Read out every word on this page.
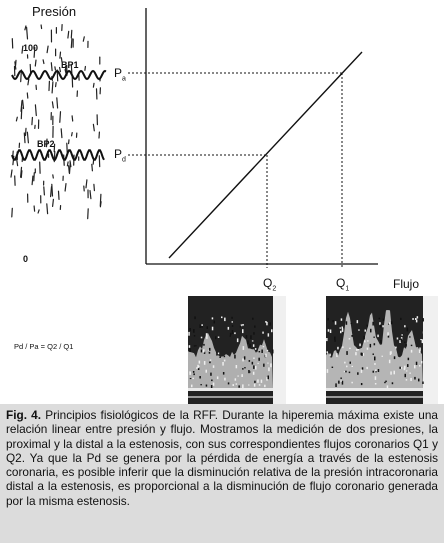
Presión
100
BP1
BP2
0
$P_a$
$P_d$
$Q_2$	$Q_1$	Flujo
Pd / Pa = Q2 / Q1
Fig. 4. Principios fisiológicos de la RFF. Durante la hiperemia máxima existe una relación linear entre presión y flujo. Mostramos la medición de dos presiones, la proximal y la distal a la estenosis, con sus correspondientes flujos coronarios Q1 y Q2. Ya que la Pd se genera por la pérdida de energía a través de la estenosis coronaria, es posible inferir que la disminución relativa de la presión intracoronaria distal a la estenosis, es proporcional a la disminución de flujo coronario generada por la misma estenosis.
